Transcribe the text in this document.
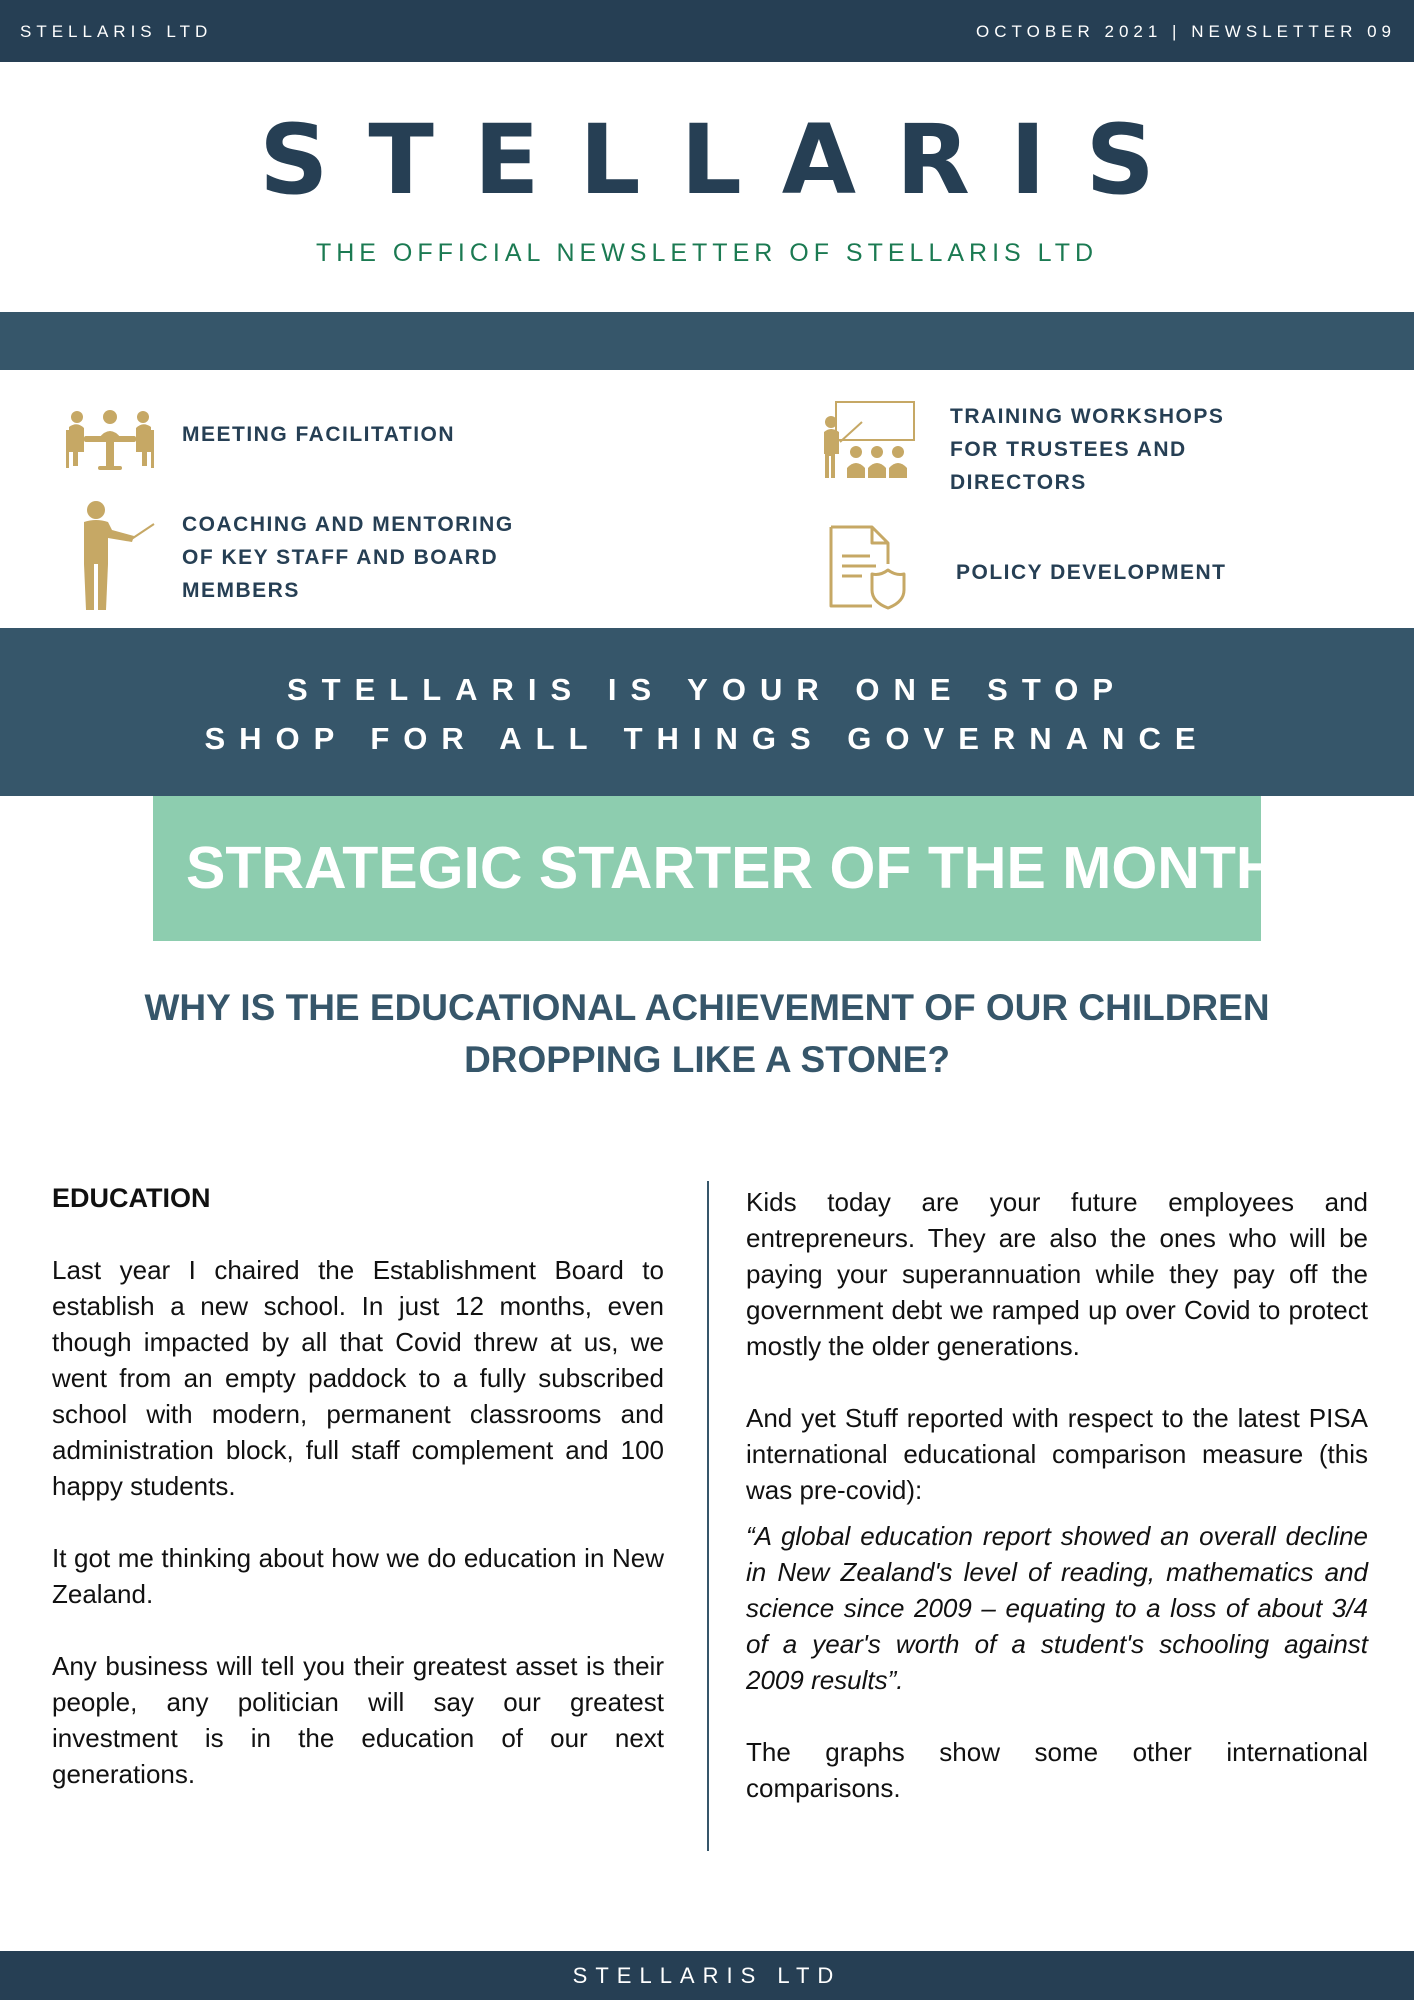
STELLARIS LTD	OCTOBER 2021 | NEWSLETTER 09
STELLARIS
THE OFFICIAL NEWSLETTER OF STELLARIS LTD
MEETING FACILITATION
TRAINING WORKSHOPS FOR TRUSTEES AND DIRECTORS
COACHING AND MENTORING OF KEY STAFF AND BOARD MEMBERS
POLICY DEVELOPMENT
STELLARIS IS YOUR ONE STOP
SHOP FOR ALL THINGS GOVERNANCE
STRATEGIC STARTER OF THE MONTH
WHY IS THE EDUCATIONAL ACHIEVEMENT OF OUR CHILDREN DROPPING LIKE A STONE?
EDUCATION

Last year I chaired the Establishment Board to establish a new school. In just 12 months, even though impacted by all that Covid threw at us, we went from an empty paddock to a fully subscribed school with modern, permanent classrooms and administration block, full staff complement and 100 happy students.

It got me thinking about how we do education in New Zealand.

Any business will tell you their greatest asset is their people, any politician will say our greatest investment is in the education of our next generations.

Kids today are your future employees and entrepreneurs. They are also the ones who will be paying your superannuation while they pay off the government debt we ramped up over Covid to protect mostly the older generations.

And yet Stuff reported with respect to the latest PISA international educational comparison measure (this was pre-covid):

“A global education report showed an overall decline in New Zealand's level of reading, mathematics and science since 2009 – equating to a loss of about 3/4 of a year's worth of a student's schooling against 2009 results”.

The graphs show some other international comparisons.

STELLARIS LTD
